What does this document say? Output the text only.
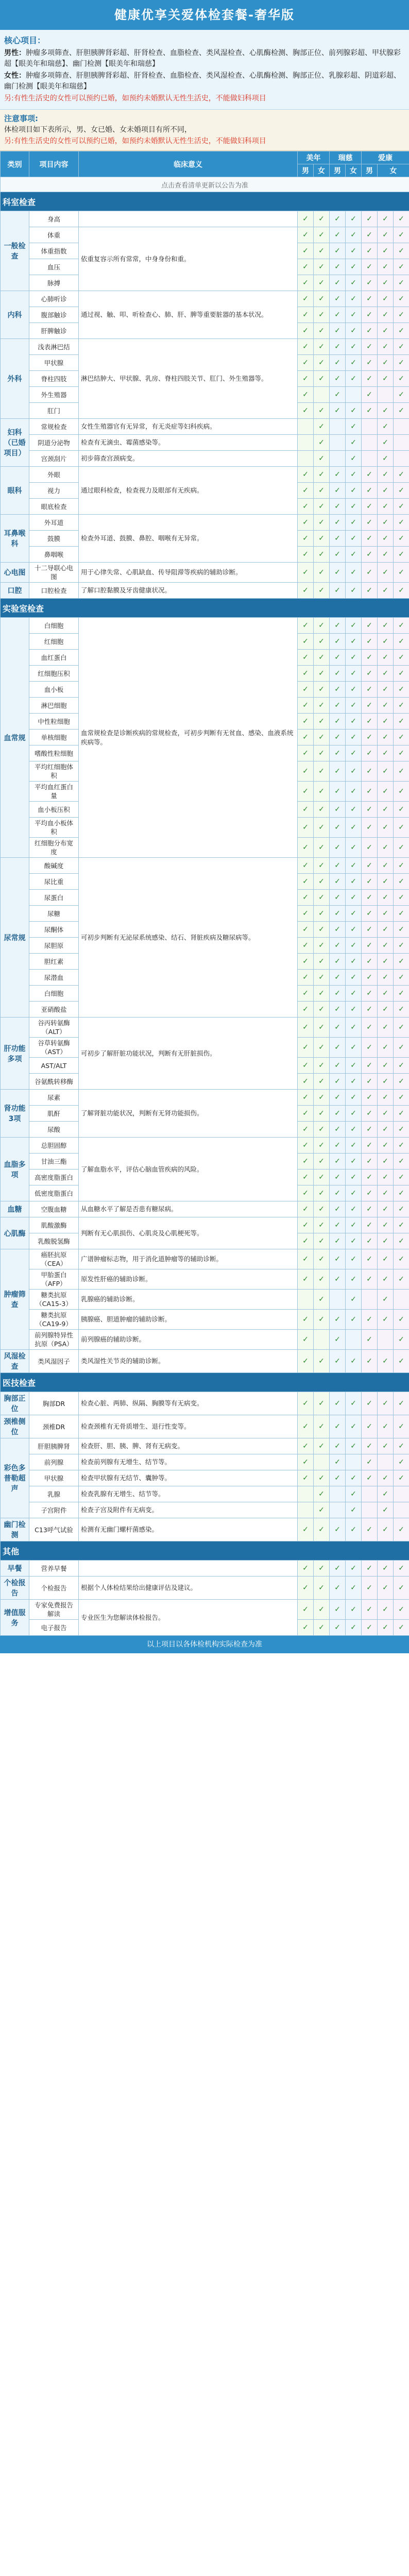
健康优享关爱体检套餐-奢华版
核心项目：

男性：肿瘤多项筛查、肝胆胰脾肾彩超、肝肾检查、血脂检查、类风湿检查、心肌酶检测、胸部正位、前列腺彩超、甲状腺彩超【眼美年和瑞慈】、幽门检测【眼美年和瑞慈】

女性：肿瘤多项筛查、肝胆胰脾肾彩超、肝肾检查、血脂检查、类风湿检查、心肌酶检测、胸部正位、乳腺彩超、阴道彩超、幽门检测【眼美年和瑞慈】

另:有性生活史的女性可以预约已婚，如预约未婚默认无性生活史，不能做妇科项目

注意事项:

体检项目如下表所示，男、女已婚、女未婚项目有所不同，

另:有性生活史的女性可以预约已婚，如预约未婚默认无性生活史，不能做妇科项目

类别	项目内容	临床意义	美年		瑞慈		爱康		
			男	女	男	女	男	女	
点击查看清单更新以公告为准									
科室检查									
一般检查	身高		✓	✓	✓	✓	✓	✓	✓
	体重	依重复容示所有常常，中身身份和重。	✓	✓	✓	✓	✓	✓	✓
	体重指数		✓	✓	✓	✓	✓	✓	✓
	血压		✓	✓	✓	✓	✓	✓	✓
	脉搏		✓	✓	✓	✓	✓	✓	✓
内科	心肺听诊	通过视、触、叩、听检查心、肺、肝、脾等重要脏器的基本状况。	✓	✓	✓	✓	✓	✓	✓
	腹部触诊		✓	✓	✓	✓	✓	✓	✓
	肝脾触诊		✓	✓	✓	✓	✓	✓	✓
外科	浅表淋巴结	淋巴结肿大、甲状腺、乳房、脊柱四肢关节、肛门、外生殖器等。	✓	✓	✓	✓	✓	✓	✓
	甲状腺		✓	✓	✓	✓	✓	✓	✓
	脊柱四肢		✓	✓	✓	✓	✓	✓	✓
	外生殖器		✓		✓		✓		✓
	肛门		✓	✓	✓	✓	✓	✓	✓
妇科（已婚项目）	常规检查	女性生殖器官有无异常，有无炎症等妇科疾病。		✓		✓		✓	
	阴道分泌物	检查有无滴虫、霉菌感染等。		✓		✓		✓	
	宫颈刮片	初步筛查宫颈病变。		✓		✓		✓	
眼科	外眼	通过眼科检查，检查视力及眼部有无疾病。	✓	✓	✓	✓	✓	✓	✓
	视力		✓	✓	✓	✓	✓	✓	✓
	眼底检查		✓	✓	✓	✓	✓	✓	✓
耳鼻喉科	外耳道	检查外耳道、鼓膜、鼻腔、咽喉有无异常。	✓	✓	✓	✓	✓	✓	✓
	鼓膜		✓	✓	✓	✓	✓	✓	✓
	鼻咽喉		✓	✓	✓	✓	✓	✓	✓
心电图	十二导联心电图	用于心律失常、心肌缺血、传导阻滞等疾病的辅助诊断。	✓	✓	✓	✓	✓	✓	✓
口腔	口腔检查	了解口腔黏膜及牙齿健康状况。	✓	✓	✓	✓	✓	✓	✓
实验室检查									
血常规	白细胞	血常规检查是诊断疾病的常规检查，可初步判断有无贫血、感染、血液系统疾病等。	✓	✓	✓	✓	✓	✓	✓
	红细胞		✓	✓	✓	✓	✓	✓	✓
	血红蛋白		✓	✓	✓	✓	✓	✓	✓
	红细胞压积		✓	✓	✓	✓	✓	✓	✓
	血小板		✓	✓	✓	✓	✓	✓	✓
	淋巴细胞		✓	✓	✓	✓	✓	✓	✓
	中性粒细胞		✓	✓	✓	✓	✓	✓	✓
	单核细胞		✓	✓	✓	✓	✓	✓	✓
	嗜酸性粒细胞		✓	✓	✓	✓	✓	✓	✓
	平均红细胞体积		✓	✓	✓	✓	✓	✓	✓
	平均血红蛋白量		✓	✓	✓	✓	✓	✓	✓
	血小板压积		✓	✓	✓	✓	✓	✓	✓
	平均血小板体积		✓	✓	✓	✓	✓	✓	✓
	红细胞分布宽度		✓	✓	✓	✓	✓	✓	✓
尿常规	酸碱度	可初步判断有无泌尿系统感染、结石、肾脏疾病及糖尿病等。	✓	✓	✓	✓	✓	✓	✓
	尿比重		✓	✓	✓	✓	✓	✓	✓
	尿蛋白		✓	✓	✓	✓	✓	✓	✓
	尿糖		✓	✓	✓	✓	✓	✓	✓
	尿酮体		✓	✓	✓	✓	✓	✓	✓
	尿胆原		✓	✓	✓	✓	✓	✓	✓
	胆红素		✓	✓	✓	✓	✓	✓	✓
	尿潜血		✓	✓	✓	✓	✓	✓	✓
	白细胞		✓	✓	✓	✓	✓	✓	✓
	亚硝酸盐		✓	✓	✓	✓	✓	✓	✓
肝功能多项	谷丙转氨酶（ALT）	可初步了解肝脏功能状况，判断有无肝脏损伤。	✓	✓	✓	✓	✓	✓	✓
	谷草转氨酶（AST）		✓	✓	✓	✓	✓	✓	✓
	AST/ALT		✓	✓	✓	✓	✓	✓	✓
	谷氨酰转移酶		✓	✓	✓	✓	✓	✓	✓
肾功能3项	尿素	了解肾脏功能状况，判断有无肾功能损伤。	✓	✓	✓	✓	✓	✓	✓
	肌酐		✓	✓	✓	✓	✓	✓	✓
	尿酸		✓	✓	✓	✓	✓	✓	✓
血脂多项	总胆固醇	了解血脂水平，评估心脑血管疾病的风险。	✓	✓	✓	✓	✓	✓	✓
	甘油三酯		✓	✓	✓	✓	✓	✓	✓
	高密度脂蛋白		✓	✓	✓	✓	✓	✓	✓
	低密度脂蛋白		✓	✓	✓	✓	✓	✓	✓
血糖	空腹血糖	从血糖水平了解是否患有糖尿病。	✓	✓	✓	✓	✓	✓	✓
心肌酶	肌酸激酶	判断有无心肌损伤、心肌炎及心肌梗死等。	✓	✓	✓	✓	✓	✓	✓
	乳酸脱氢酶		✓	✓	✓	✓	✓	✓	✓
肿瘤筛查	癌胚抗原（CEA）	广谱肿瘤标志物，用于消化道肿瘤等的辅助诊断。	✓	✓	✓	✓	✓	✓	✓
	甲胎蛋白（AFP）	原发性肝癌的辅助诊断。	✓	✓	✓	✓	✓	✓	✓
	糖类抗原（CA15-3）	乳腺癌的辅助诊断。		✓		✓		✓	
	糖类抗原（CA19-9）	胰腺癌、胆道肿瘤的辅助诊断。	✓	✓	✓	✓	✓	✓	✓
	前列腺特异性抗原（PSA）	前列腺癌的辅助诊断。	✓		✓		✓		✓
风湿检查	类风湿因子	类风湿性关节炎的辅助诊断。	✓	✓	✓	✓	✓	✓	✓
医技检查									
胸部正位	胸部DR	检查心脏、两肺、纵隔、胸膜等有无病变。	✓	✓	✓	✓	✓	✓	✓
颈椎侧位	颈椎DR	检查颈椎有无骨质增生、退行性变等。	✓	✓	✓	✓	✓	✓	✓
彩色多普勒超声	肝胆胰脾肾	检查肝、胆、胰、脾、肾有无病变。	✓	✓	✓	✓	✓	✓	✓
	前列腺	检查前列腺有无增生、结节等。	✓		✓		✓		✓
	甲状腺	检查甲状腺有无结节、囊肿等。	✓	✓	✓	✓	✓	✓	✓
	乳腺	检查乳腺有无增生、结节等。		✓		✓		✓	
	子宫附件	检查子宫及附件有无病变。		✓		✓		✓	
幽门检测	C13呼气试验	检测有无幽门螺杆菌感染。	✓	✓	✓	✓	✓	✓	✓
其他									
早餐	营养早餐		✓	✓	✓	✓	✓	✓	✓
个检报告	个检报告	根据个人体检结果给出健康评估及建议。	✓	✓	✓	✓	✓	✓	✓
增值服务	专家免费报告解读	专业医生为您解读体检报告。	✓	✓	✓	✓	✓	✓	✓
	电子报告		✓	✓	✓	✓	✓	✓	✓
以上项目以各体检机构实际检查为准
